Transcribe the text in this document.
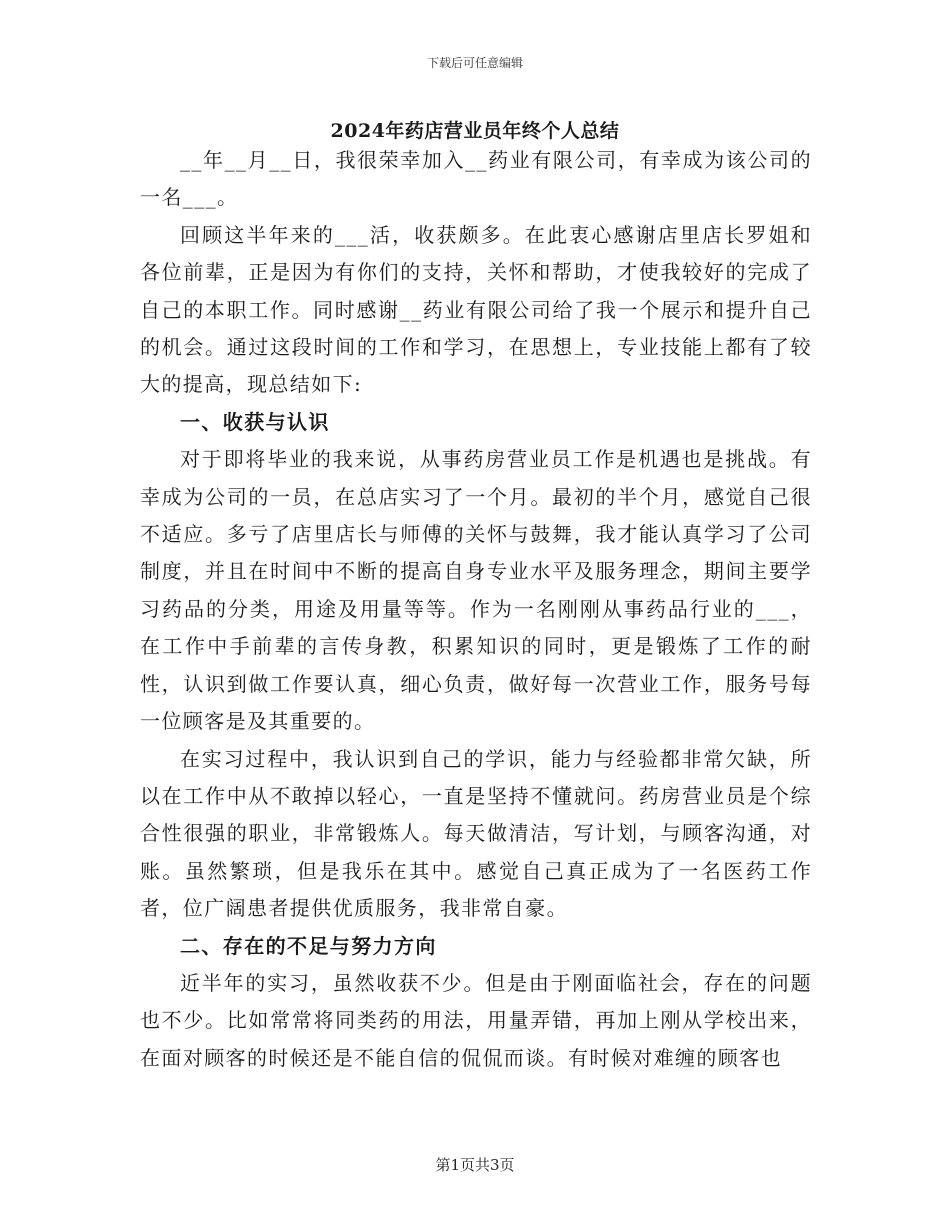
下载后可任意编辑
2024年药店营业员年终个人总结

__年__月__日，我很荣幸加入__药业有限公司，有幸成为该公司的一名___。

回顾这半年来的___活，收获颇多。在此衷心感谢店里店长罗姐和各位前辈，正是因为有你们的支持，关怀和帮助，才使我较好的完成了自己的本职工作。同时感谢__药业有限公司给了我一个展示和提升自己的机会。通过这段时间的工作和学习，在思想上，专业技能上都有了较大的提高，现总结如下:

一、收获与认识

对于即将毕业的我来说，从事药房营业员工作是机遇也是挑战。有幸成为公司的一员，在总店实习了一个月。最初的半个月，感觉自己很不适应。多亏了店里店长与师傅的关怀与鼓舞，我才能认真学习了公司制度，并且在时间中不断的提高自身专业水平及服务理念，期间主要学习药品的分类，用途及用量等等。作为一名刚刚从事药品行业的___，在工作中手前辈的言传身教，积累知识的同时，更是锻炼了工作的耐性，认识到做工作要认真，细心负责，做好每一次营业工作，服务号每一位顾客是及其重要的。

在实习过程中，我认识到自己的学识，能力与经验都非常欠缺，所以在工作中从不敢掉以轻心，一直是坚持不懂就问。药房营业员是个综合性很强的职业，非常锻炼人。每天做清洁，写计划，与顾客沟通，对账。虽然繁琐，但是我乐在其中。感觉自己真正成为了一名医药工作者，位广阔患者提供优质服务，我非常自豪。

二、存在的不足与努力方向

近半年的实习，虽然收获不少。但是由于刚面临社会，存在的问题也不少。比如常常将同类药的用法，用量弄错，再加上刚从学校出来，在面对顾客的时候还是不能自信的侃侃而谈。有时候对难缠的顾客也

第1页共3页
